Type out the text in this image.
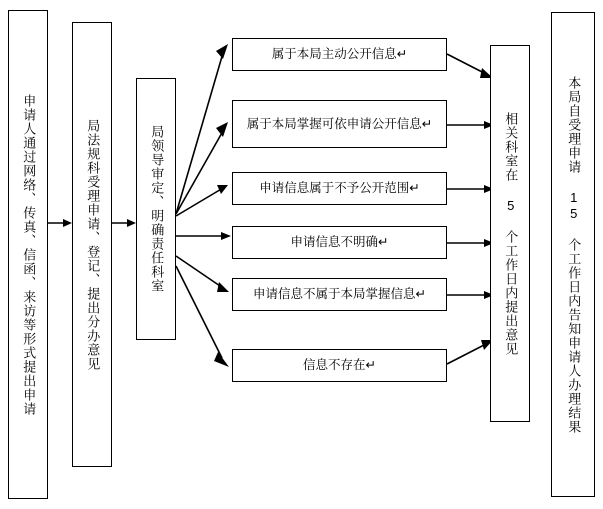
申请人通过网络、传真、信函、来访等形式提出申请	局法规科受理申请、登记、提出分办意见	局领导审定、明确责任科室
属于本局主动公开信息↵
属于本局掌握可依申请公开信息↵
申请信息属于不予公开范围↵
申请信息不明确↵
申请信息不属于本局掌握信息↵
信息不存在↵
相关科室在 5 个工作日内提出意见	本局自受理申请 15 个工作日内告知申请人办理结果
